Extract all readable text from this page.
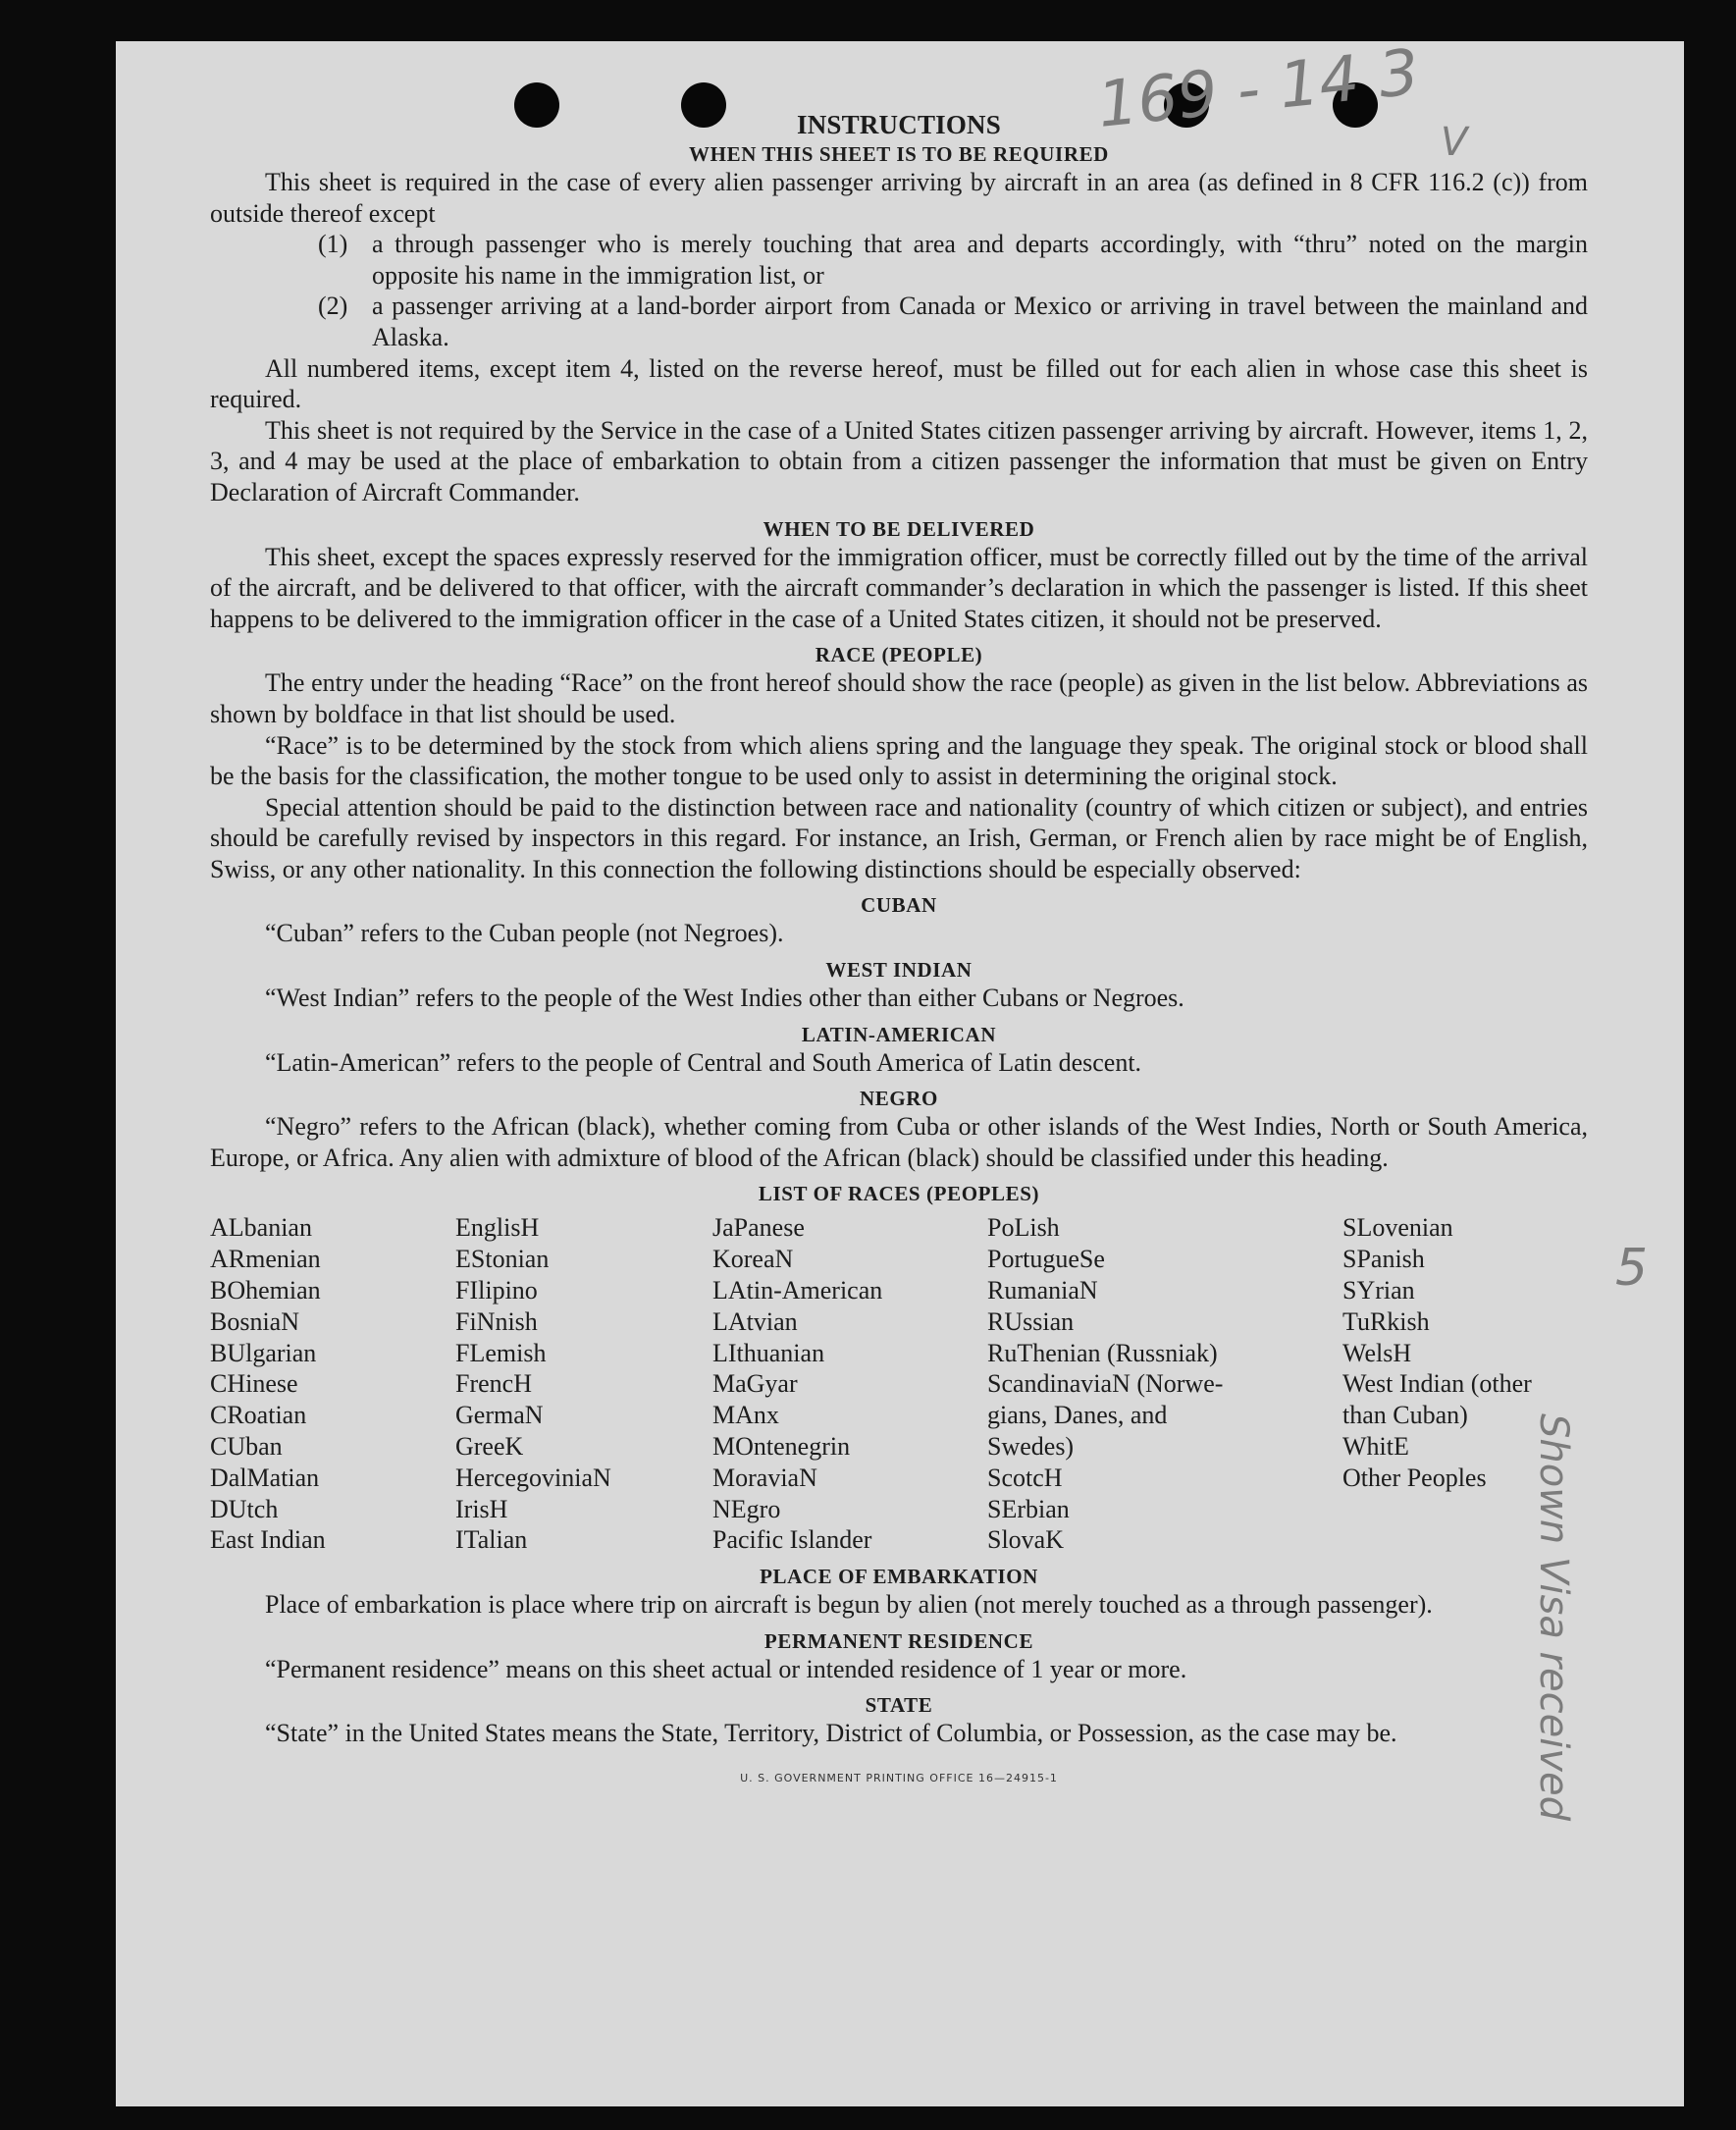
169 - 14 3
V
5
Shown Visa received
INSTRUCTIONS
WHEN THIS SHEET IS TO BE REQUIRED

This sheet is required in the case of every alien passenger arriving by aircraft in an area (as defined in 8 CFR 116.2 (c)) from outside thereof except

(1) a through passenger who is merely touching that area and departs accordingly, with “thru” noted on the margin opposite his name in the immigration list, or
(2) a passenger arriving at a land-border airport from Canada or Mexico or arriving in travel between the mainland and Alaska.

All numbered items, except item 4, listed on the reverse hereof, must be filled out for each alien in whose case this sheet is required.

This sheet is not required by the Service in the case of a United States citizen passenger arriving by aircraft. However, items 1, 2, 3, and 4 may be used at the place of embarkation to obtain from a citizen passenger the information that must be given on Entry Declaration of Aircraft Commander.

WHEN TO BE DELIVERED

This sheet, except the spaces expressly reserved for the immigration officer, must be correctly filled out by the time of the arrival of the aircraft, and be delivered to that officer, with the aircraft commander’s declaration in which the passenger is listed. If this sheet happens to be delivered to the immigration officer in the case of a United States citizen, it should not be preserved.

RACE (PEOPLE)

The entry under the heading “Race” on the front hereof should show the race (people) as given in the list below. Abbreviations as shown by boldface in that list should be used.

“Race” is to be determined by the stock from which aliens spring and the language they speak. The original stock or blood shall be the basis for the classification, the mother tongue to be used only to assist in determining the original stock.

Special attention should be paid to the distinction between race and nationality (country of which citizen or subject), and entries should be carefully revised by inspectors in this regard. For instance, an Irish, German, or French alien by race might be of English, Swiss, or any other nationality. In this connection the following distinctions should be especially observed:

CUBAN

“Cuban” refers to the Cuban people (not Negroes).

WEST INDIAN

“West Indian” refers to the people of the West Indies other than either Cubans or Negroes.

LATIN-AMERICAN

“Latin-American” refers to the people of Central and South America of Latin descent.

NEGRO

“Negro” refers to the African (black), whether coming from Cuba or other islands of the West Indies, North or South America, Europe, or Africa. Any alien with admixture of blood of the African (black) should be classified under this heading.

LIST OF RACES (PEOPLES)
ALbanian
ARmenian
BOhemian
BosniaN
BUlgarian
CHinese
CRoatian
CUban
DalMatian
DUtch
East Indian
EnglisH
EStonian
FIlipino
FiNnish
FLemish
FrencH
GermaN
GreeK
HercegoviniaN
IrisH
ITalian
JaPanese
KoreaN
LAtin-American
LAtvian
LIthuanian
MaGyar
MAnx
MOntenegrin
MoraviaN
NEgro
Pacific Islander
PoLish
PortugueSe
RumaniaN
RUssian
RuThenian (Russniak)
ScandinaviaN (Norwe-
gians, Danes, and
Swedes)
ScotcH
SErbian
SlovaK
SLovenian
SPanish
SYrian
TuRkish
WelsH
West Indian (other
than Cuban)
WhitE
Other Peoples
PLACE OF EMBARKATION

Place of embarkation is place where trip on aircraft is begun by alien (not merely touched as a through passenger).

PERMANENT RESIDENCE

“Permanent residence” means on this sheet actual or intended residence of 1 year or more.

STATE

“State” in the United States means the State, Territory, District of Columbia, or Possession, as the case may be.

U. S. GOVERNMENT PRINTING OFFICE 16—24915-1
